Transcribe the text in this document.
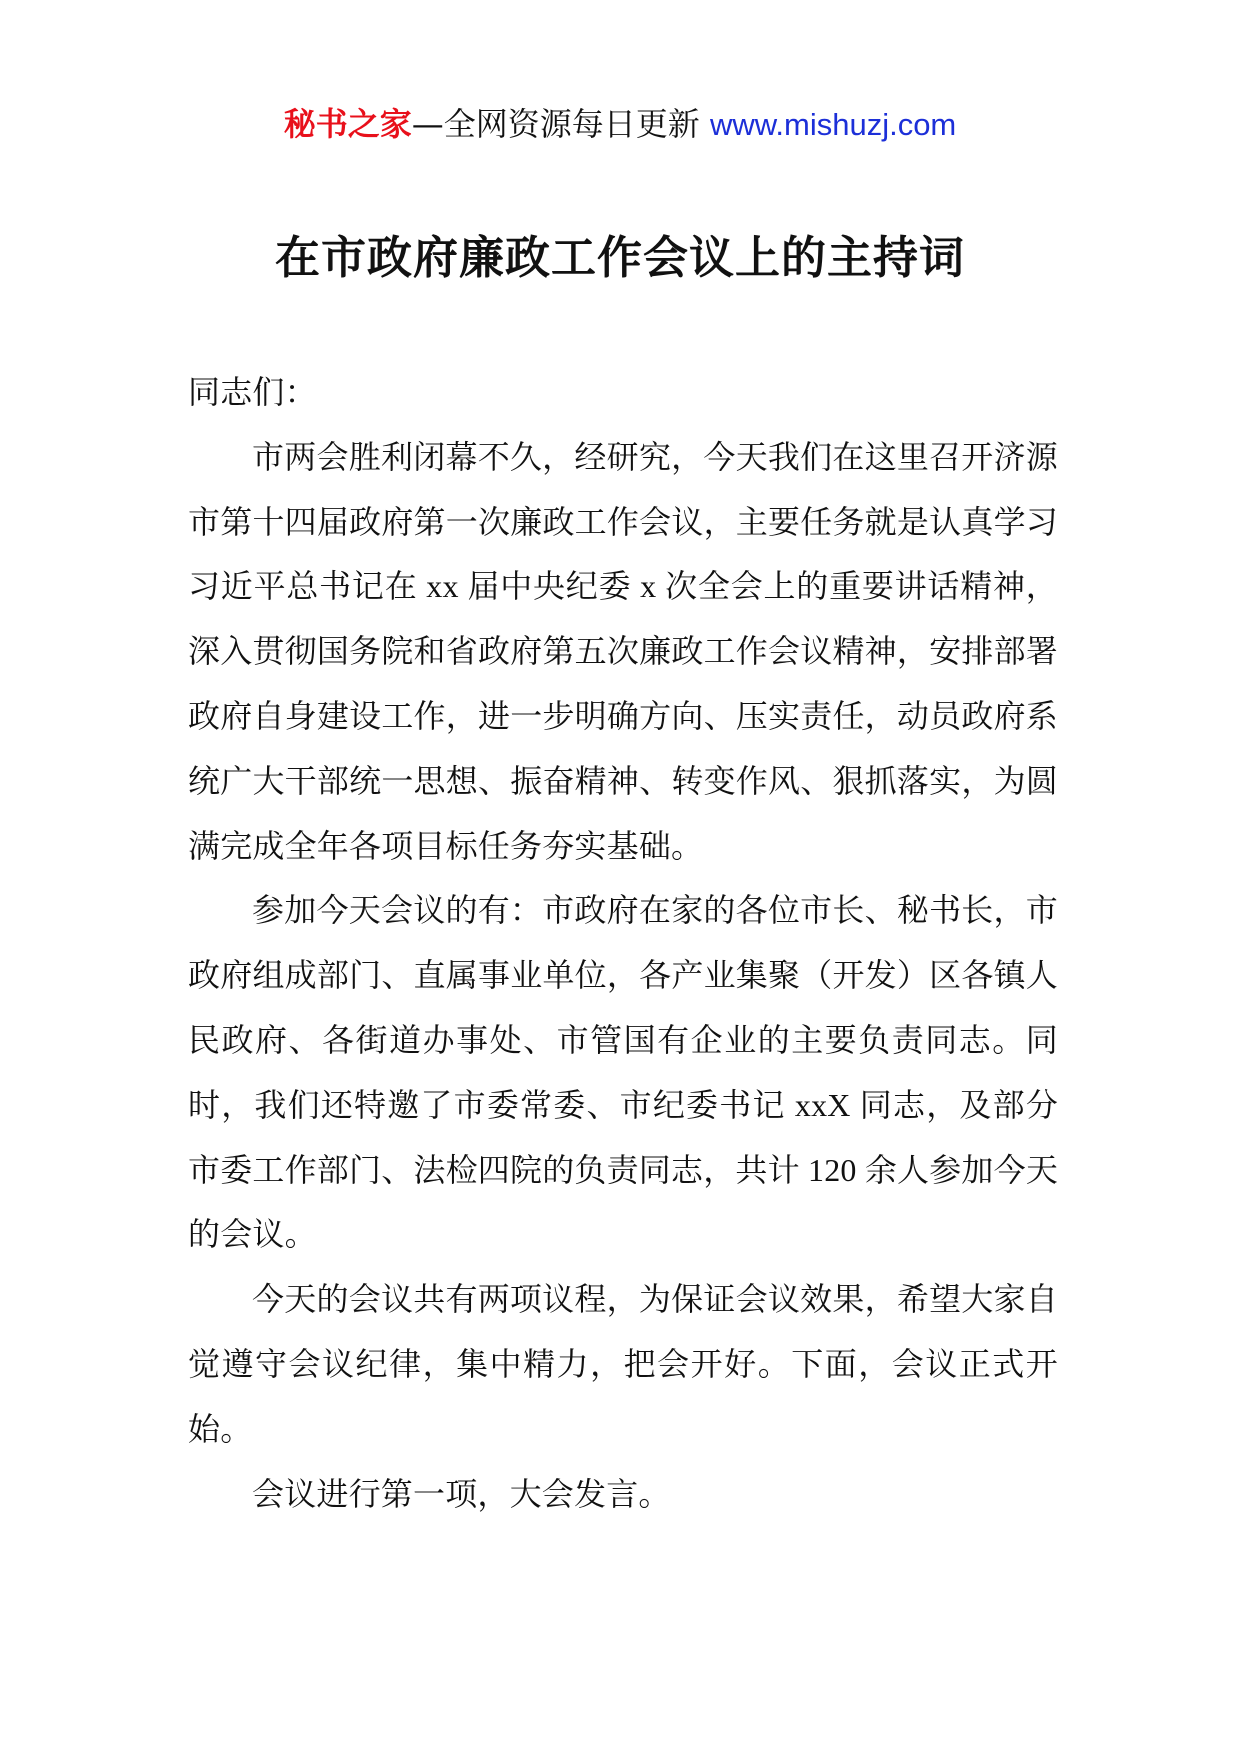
秘书之家—全网资源每日更新 www.mishuzj.com
在市政府廉政工作会议上的主持词

同志们：

市两会胜利闭幕不久，经研究，今天我们在这里召开济源市第十四届政府第一次廉政工作会议，主要任务就是认真学习习近平总书记在 xx 届中央纪委 x 次全会上的重要讲话精神，深入贯彻国务院和省政府第五次廉政工作会议精神，安排部署政府自身建设工作，进一步明确方向、压实责任，动员政府系统广大干部统一思想、振奋精神、转变作风、狠抓落实，为圆满完成全年各项目标任务夯实基础。

参加今天会议的有：市政府在家的各位市长、秘书长，市政府组成部门、直属事业单位，各产业集聚（开发）区各镇人民政府、各街道办事处、市管国有企业的主要负责同志。同时，我们还特邀了市委常委、市纪委书记 xxX 同志，及部分市委工作部门、法检四院的负责同志，共计 120 余人参加今天的会议。

今天的会议共有两项议程，为保证会议效果，希望大家自觉遵守会议纪律，集中精力，把会开好。下面，会议正式开始。

会议进行第一项，大会发言。
